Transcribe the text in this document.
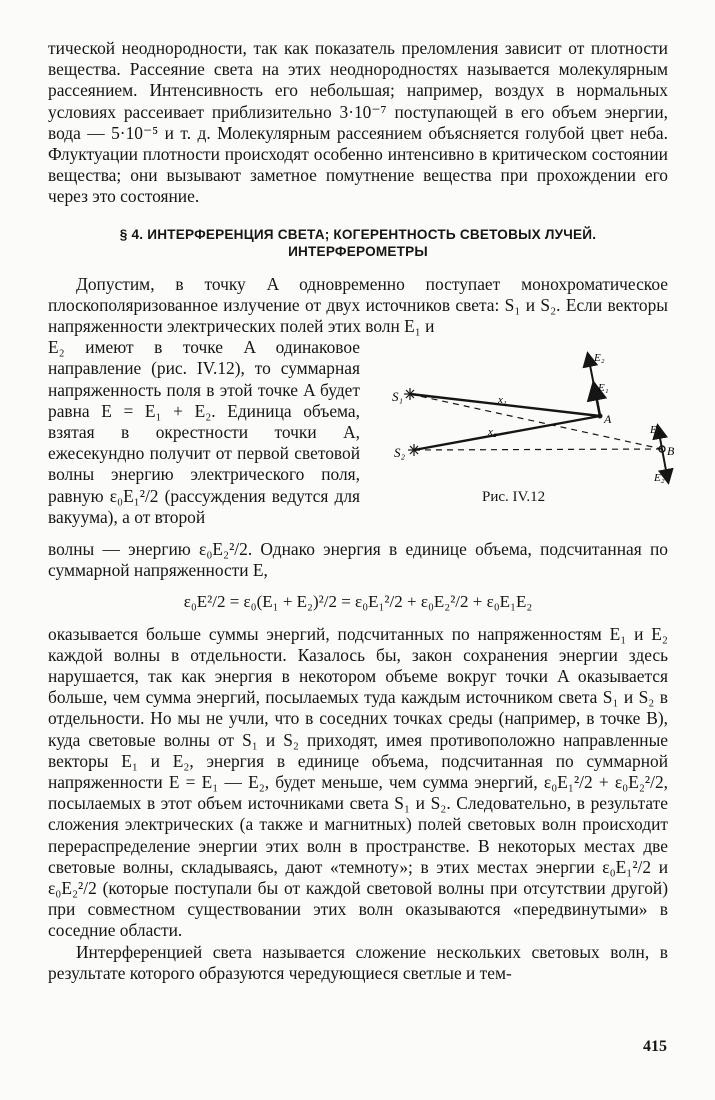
тической неоднородности, так как показатель преломления зависит от плотности вещества. Рассеяние света на этих неоднородностях называется молекулярным рассеянием. Интенсивность его небольшая; например, воздух в нормальных условиях рассеивает приблизительно 3·10⁻⁷ поступающей в его объем энергии, вода — 5·10⁻⁵ и т. д. Молекулярным рассеянием объясняется голубой цвет неба. Флуктуации плотности происходят особенно интенсивно в критическом состоянии вещества; они вызывают заметное помутнение вещества при прохождении его через это состояние.

§ 4. ИНТЕРФЕРЕНЦИЯ СВЕТА; КОГЕРЕНТНОСТЬ СВЕТОВЫХ ЛУЧЕЙ.
ИНТЕРФЕРОМЕТРЫ

Допустим, в точку A одновременно поступает монохроматическое плоскополяризованное излучение от двух источников света: S₁ и S₂. Если векторы напряженности электрических полей этих волн E₁ и

S₁
S₂
A
B
x₁
x₂
E₁
E₂
E₁
E₂
Рис. IV.12

E₂ имеют в точке A одинаковое направление (рис. IV.12), то суммарная напряженность поля в этой точке A будет равна E = E₁ + E₂. Единица объема, взятая в окрестности точки A, ежесекундно получит от первой световой волны энергию электрического поля, равную ε₀E₁²/2 (рассуждения ведутся для вакуума), а от второй

волны — энергию ε₀E₂²/2. Однако энергия в единице объема, подсчитанная по суммарной напряженности E,

ε₀E²/2 = ε₀(E₁ + E₂)²/2 = ε₀E₁²/2 + ε₀E₂²/2 + ε₀E₁E₂

оказывается больше суммы энергий, подсчитанных по напряженностям E₁ и E₂ каждой волны в отдельности. Казалось бы, закон сохранения энергии здесь нарушается, так как энергия в некотором объеме вокруг точки A оказывается больше, чем сумма энергий, посылаемых туда каждым источником света S₁ и S₂ в отдельности. Но мы не учли, что в соседних точках среды (например, в точке B), куда световые волны от S₁ и S₂ приходят, имея противоположно направленные векторы E₁ и E₂, энергия в единице объема, подсчитанная по суммарной напряженности E = E₁ — E₂, будет меньше, чем сумма энергий, ε₀E₁²/2 + ε₀E₂²/2, посылаемых в этот объем источниками света S₁ и S₂. Следовательно, в результате сложения электрических (а также и магнитных) полей световых волн происходит перераспределение энергии этих волн в пространстве. В некоторых местах две световые волны, складываясь, дают «темноту»; в этих местах энергии ε₀E₁²/2 и ε₀E₂²/2 (которые поступали бы от каждой световой волны при отсутствии другой) при совместном существовании этих волн оказываются «передвинутыми» в соседние области.

Интерференцией света называется сложение нескольких световых волн, в результате которого образуются чередующиеся светлые и тем-

415
